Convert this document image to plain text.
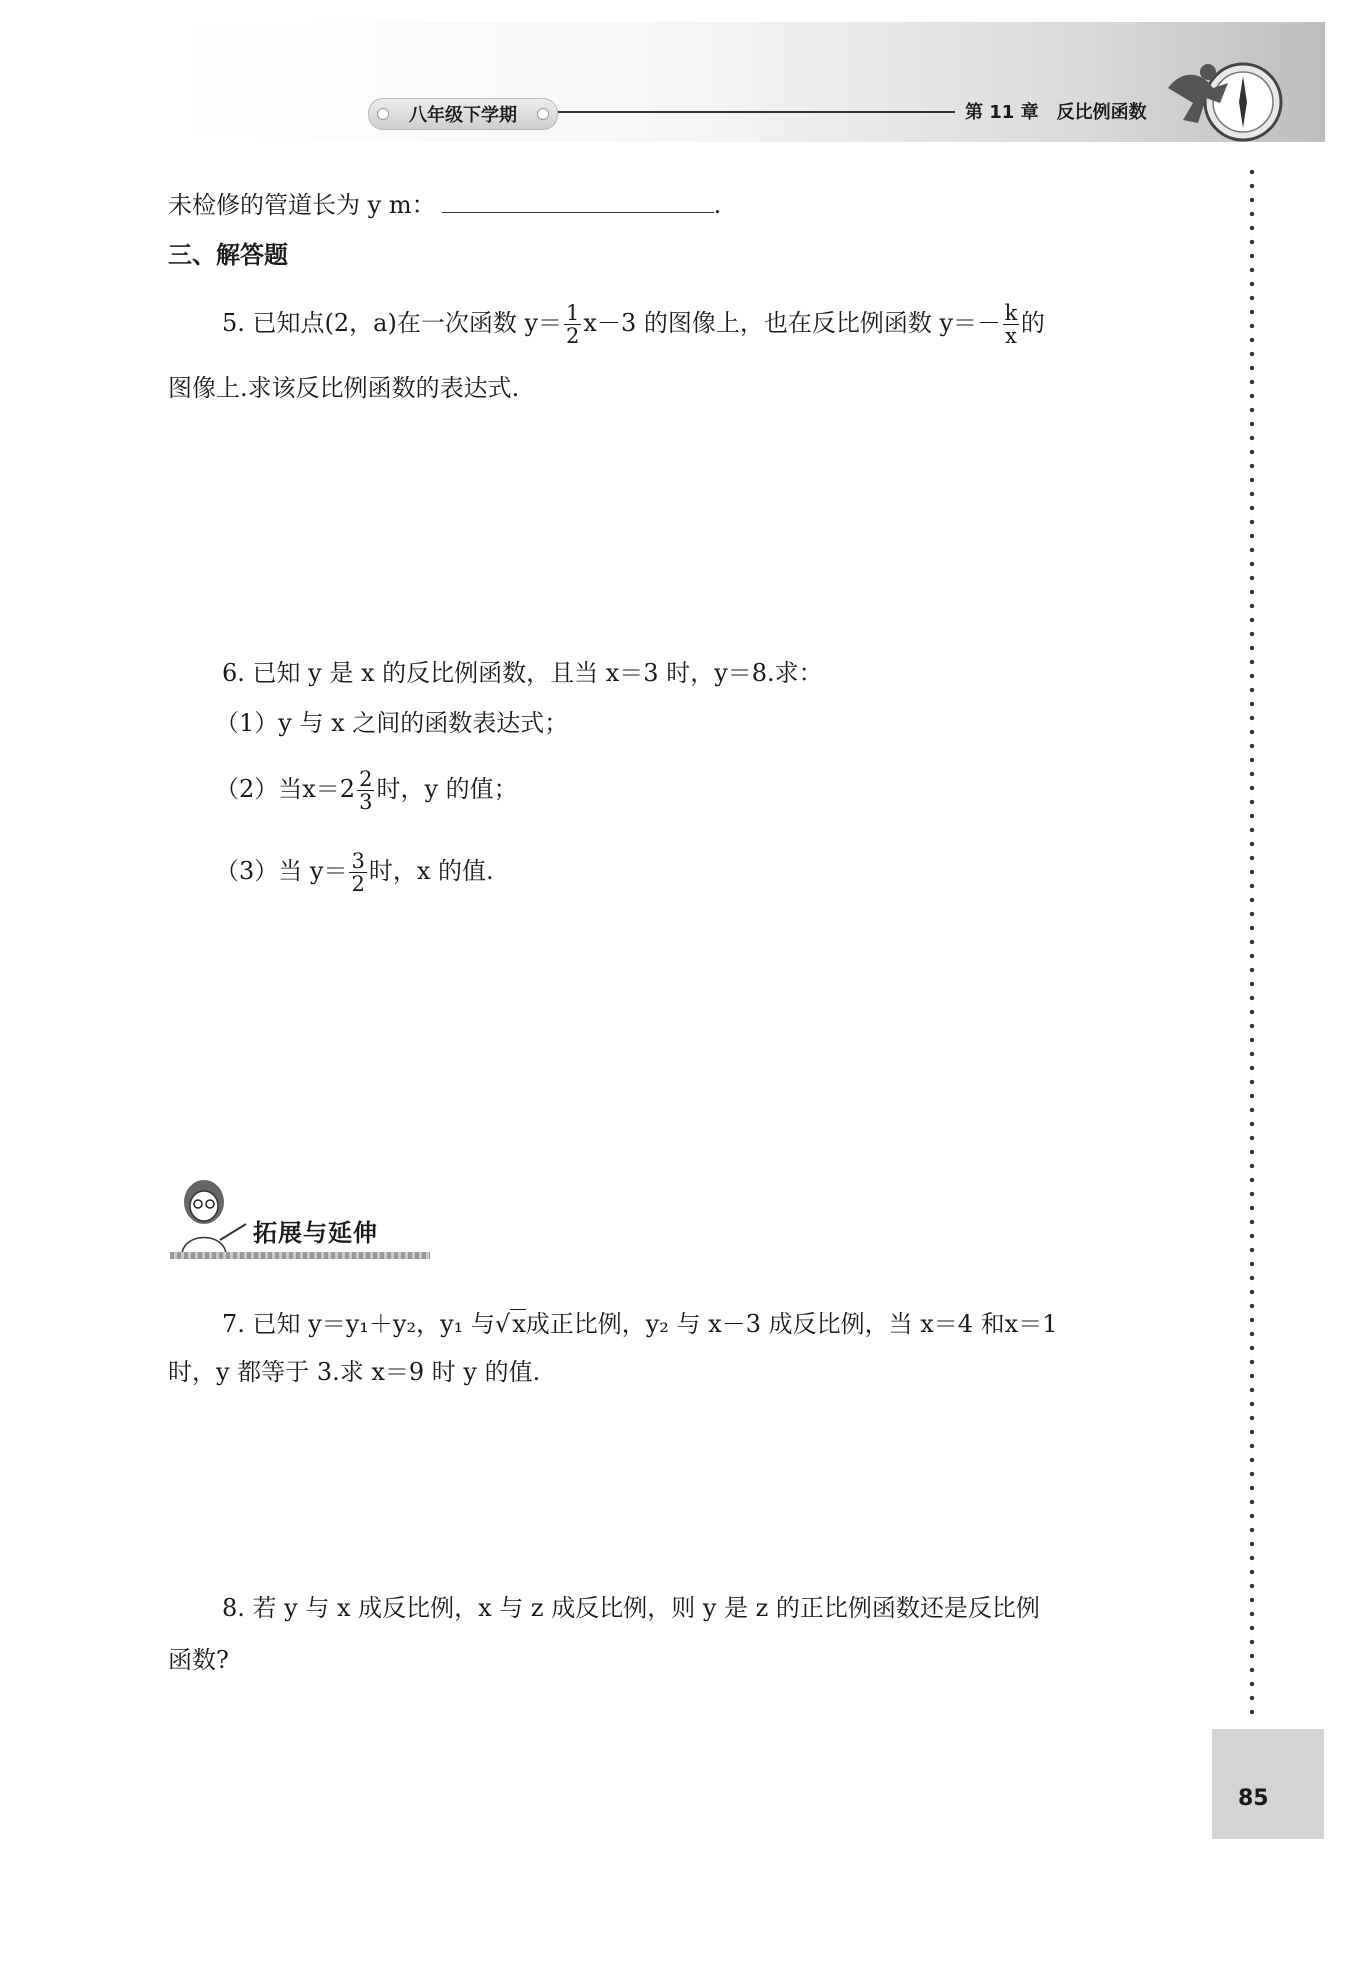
八年级下学期	第 11 章 反比例函数
未检修的管道长为 y m：	.
三、解答题
5. 已知点(2，a)在一次函数 $y= \frac{1}{2} x-3$ 的图像上，也在反比例函数 $y=- \frac{k}{x}$ 的
图像上.求该反比例函数的表达式.
6. 已知 y 是 x 的反比例函数，且当 x＝3 时，y＝8.求：
（1）y 与 x 之间的函数表达式；
（2）当$x=2 \frac{2}{3}$ 时，y 的值；
（3）当 $y= \frac{3}{2}$ 时，x 的值.
拓展与延伸
7. 已知 y＝y₁＋y₂，y₁ 与√x成正比例，y₂ 与 x－3 成反比例，当 x＝4 和x＝1
时，y 都等于 3.求 x＝9 时 y 的值.
8. 若 y 与 x 成反比例，x 与 z 成反比例，则 y 是 z 的正比例函数还是反比例
函数?
85
